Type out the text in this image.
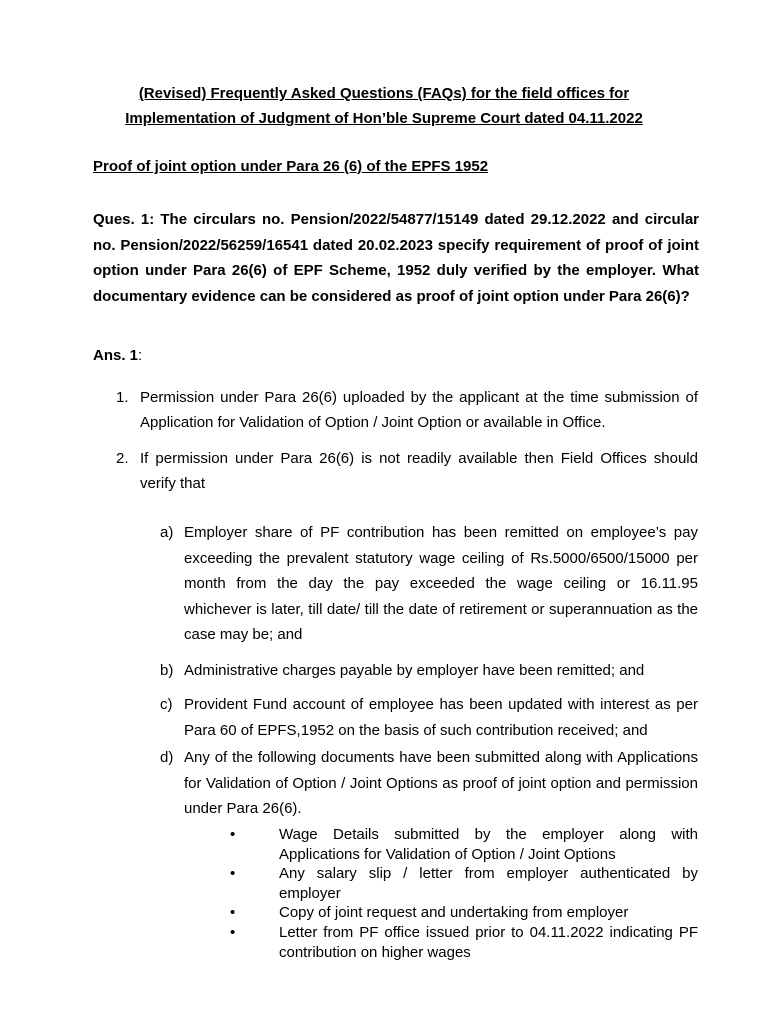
(Revised) Frequently Asked Questions (FAQs) for the field offices for
Implementation of Judgment of Hon’ble Supreme Court dated 04.11.2022
Proof of joint option under Para 26 (6) of the EPFS 1952
Ques. 1: The circulars no. Pension/2022/54877/15149 dated 29.12.2022 and circular no. Pension/2022/56259/16541 dated 20.02.2023 specify requirement of proof of joint option under Para 26(6) of EPF Scheme, 1952 duly verified by the employer. What documentary evidence can be considered as proof of joint option under Para 26(6)?
Ans. 1:
1. Permission under Para 26(6) uploaded by the applicant at the time submission of Application for Validation of Option / Joint Option or available in Office.
2. If permission under Para 26(6) is not readily available then Field Offices should verify that
a) Employer share of PF contribution has been remitted on employee’s pay exceeding the prevalent statutory wage ceiling of Rs.5000/6500/15000 per month from the day the pay exceeded the wage ceiling or 16.11.95 whichever is later, till date/ till the date of retirement or superannuation as the case may be; and
b) Administrative charges payable by employer have been remitted; and
c) Provident Fund account of employee has been updated with interest as per Para 60 of EPFS,1952 on the basis of such contribution received; and
d) Any of the following documents have been submitted along with Applications for Validation of Option / Joint Options as proof of joint option and permission under Para 26(6).
•	Wage Details submitted by the employer along with Applications for Validation of Option / Joint Options
•	Any salary slip / letter from employer authenticated by employer
•	Copy of joint request and undertaking from employer
•	Letter from PF office issued prior to 04.11.2022 indicating PF contribution on higher wages
